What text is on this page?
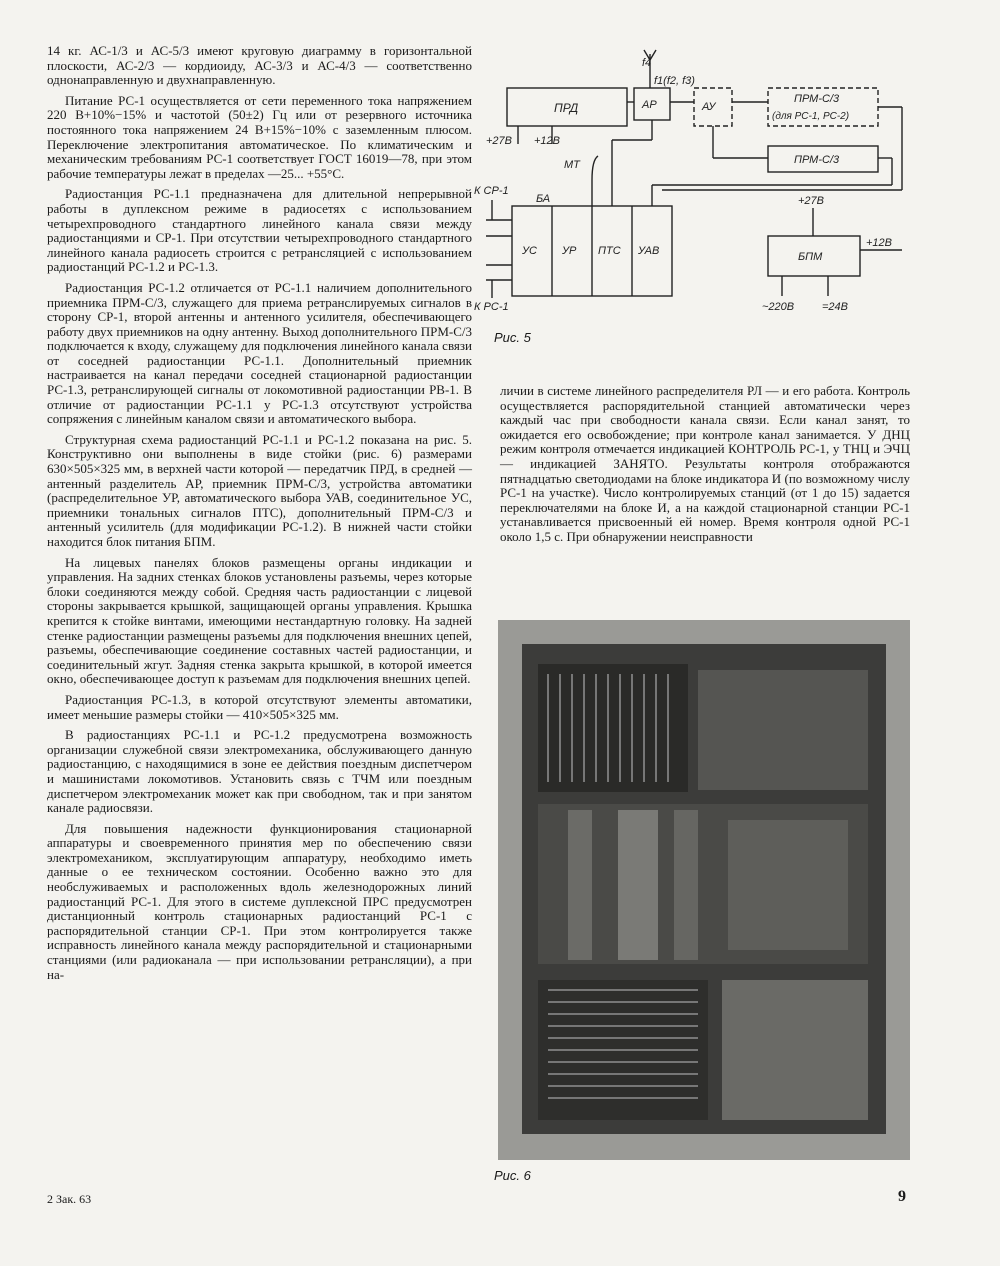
14 кг. АС-1/3 и АС-5/3 имеют круговую диаграмму в горизонтальной плоскости, АС-2/3 — кордиоиду, АС-3/3 и АС-4/3 — соответственно однонаправленную и двухнаправленную.

Питание РС-1 осуществляется от сети переменного тока напряжением 220 В+10%−15% и частотой (50±2) Гц или от резервного источника постоянного тока напряжением 24 В+15%−10% с заземленным плюсом. Переключение электропитания автоматическое. По климатическим и механическим требованиям РС-1 соответствует ГОСТ 16019—78, при этом рабочие температуры лежат в пределах —25... +55°С.

Радиостанция РС-1.1 предназначена для длительной непрерывной работы в дуплексном режиме в радиосетях с использованием четырехпроводного стандартного линейного канала связи между радиостанциями и СР-1. При отсутствии четырехпроводного стандартного линейного канала радиосеть строится с ретрансляцией с использованием радиостанций РС-1.2 и РС-1.3.

Радиостанция РС-1.2 отличается от РС-1.1 наличием дополнительного приемника ПРМ-С/3, служащего для приема ретранслируемых сигналов в сторону СР-1, второй антенны и антенного усилителя, обеспечивающего работу двух приемников на одну антенну. Выход дополнительного ПРМ-С/3 подключается к входу, служащему для подключения линейного канала связи от соседней радиостанции РС-1.1. Дополнительный приемник настраивается на канал передачи соседней стационарной радиостанции РС-1.3, ретранслирующей сигналы от локомотивной радиостанции РВ-1. В отличие от радиостанции РС-1.1 у РС-1.3 отсутствуют устройства сопряжения с линейным каналом связи и автоматического выбора.

Структурная схема радиостанций РС-1.1 и РС-1.2 показана на рис. 5. Конструктивно они выполнены в виде стойки (рис. 6) размерами 630×505×325 мм, в верхней части которой — передатчик ПРД, в средней — антенный разделитель АР, приемник ПРМ-С/3, устройства автоматики (распределительное УР, автоматического выбора УАВ, соединительное УС, приемники тональных сигналов ПТС), дополнительный ПРМ-С/3 и антенный усилитель (для модификации РС-1.2). В нижней части стойки находится блок питания БПМ.

На лицевых панелях блоков размещены органы индикации и управления. На задних стенках блоков установлены разъемы, через которые блоки соединяются между собой. Средняя часть радиостанции с лицевой стороны закрывается крышкой, защищающей органы управления. Крышка крепится к стойке винтами, имеющими нестандартную головку. На задней стенке радиостанции размещены разъемы для подключения внешних цепей, разъемы, обеспечивающие соединение составных частей радиостанции, и соединительный жгут. Задняя стенка закрыта крышкой, в которой имеется окно, обеспечивающее доступ к разъемам для подключения внешних цепей.

Радиостанция РС-1.3, в которой отсутствуют элементы автоматики, имеет меньшие размеры стойки — 410×505×325 мм.

В радиостанциях РС-1.1 и РС-1.2 предусмотрена возможность организации служебной связи электромеханика, обслуживающего данную радиостанцию, с находящимися в зоне ее действия поездным диспетчером и машинистами локомотивов. Установить связь с ТЧМ или поездным диспетчером электромеханик может как при свободном, так и при занятом канале радиосвязи.

Для повышения надежности функционирования стационарной аппаратуры и своевременного принятия мер по обеспечению связи электромехаником, эксплуатирующим аппаратуру, необходимо иметь данные о ее техническом состоянии. Особенно важно это для необслуживаемых и расположенных вдоль железнодорожных линий радиостанций РС-1. Для этого в системе дуплексной ПРС предусмотрен дистанционный контроль стационарных радиостанций РС-1 с распорядительной станции СР-1. При этом контролируется также исправность линейного канала между распорядительной и стационарными станциями (или радиоканала — при использовании ретрансляции), а при на-

f4
f1(f2, f3)
ПРД	АР	АУ
ПРМ-С/3
(для РС-1, РС-2)
ПРМ-С/3
УС УР ПТС УАВ	БПМ
+27В +12В
МТ
БА
К СР-1
К РС-1
+27В
+12В
~220В	=24В
Рис. 5

личии в системе линейного распределителя РЛ — и его работа. Контроль осуществляется распорядительной станцией автоматически через каждый час при свободности канала связи. Если канал занят, то ожидается его освобождение; при контроле канал занимается. У ДНЦ режим контроля отмечается индикацией КОНТРОЛЬ РС-1, у ТНЦ и ЭЧЦ — индикацией ЗАНЯТО. Результаты контроля отображаются пятнадцатью светодиодами на блоке индикатора И (по возможному числу РС-1 на участке). Число контролируемых станций (от 1 до 15) задается переключателями на блоке И, а на каждой стационарной станции РС-1 устанавливается присвоенный ей номер. Время контроля одной РС-1 около 1,5 с. При обнаружении неисправности

Рис. 6
2 Зак. 63	9
